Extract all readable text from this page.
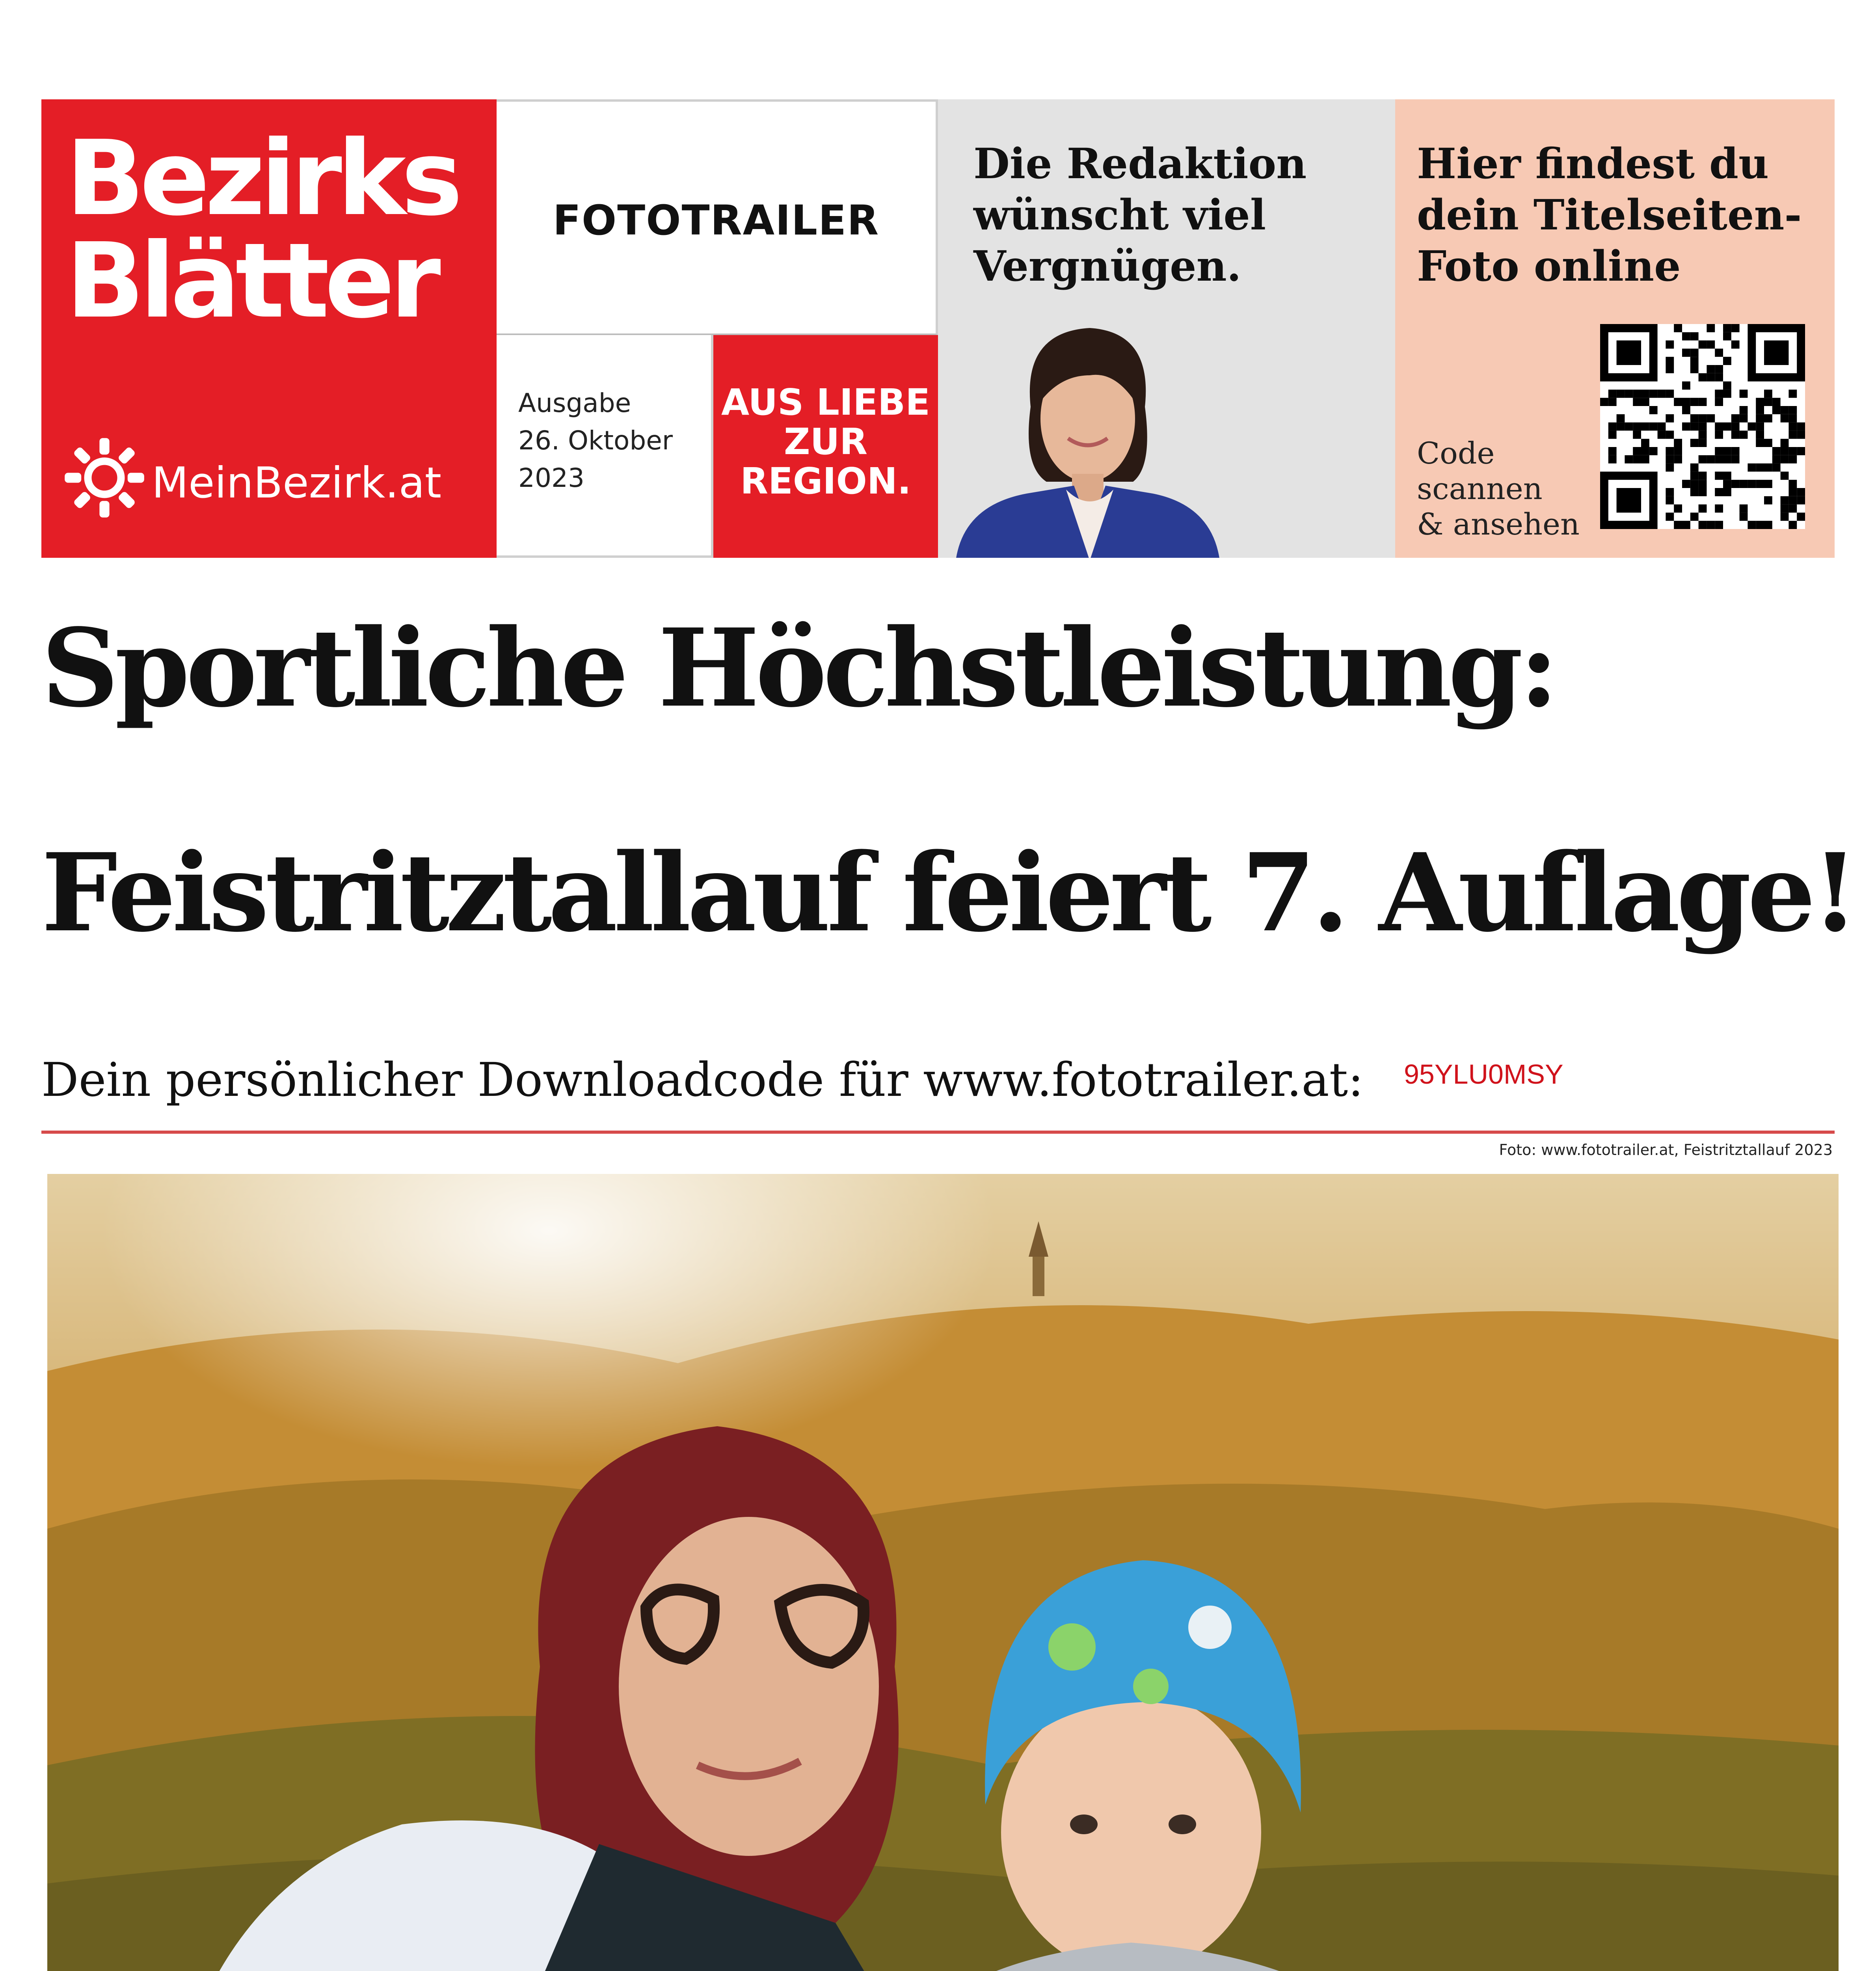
Bezirks
Blätter
MeinBezirk.at
FOTOTRAILER
Ausgabe
26. Oktober
2023
AUS LIEBE
ZUR
REGION.
Die Redaktion
wünscht viel
Vergnügen.
Hier findest du
dein Titelseiten-
Foto online
Code
scannen
& ansehen
Sportliche Höchstleistung:
Feistritztallauf feiert 7. Auflage!
Dein persönlicher Downloadcode für www.fototrailer.at: 95YLU0MSY
Foto: www.fototrailer.at, Feistritztallauf 2023
